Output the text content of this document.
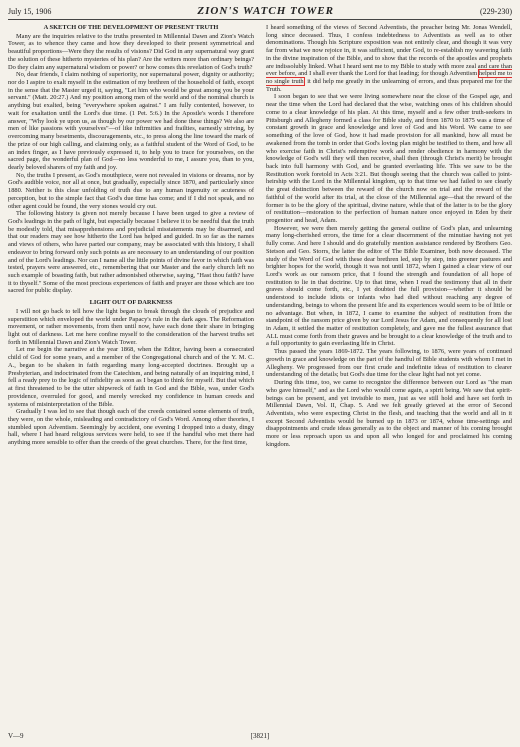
July 15, 1906	ZION'S WATCH TOWER	(229-230)
A SKETCH OF THE DEVELOPMENT OF PRESENT TRUTH

Many are the inquiries relative to the truths presented in Millennial Dawn and Zion's Watch Tower, as to whence they came and how they developed to their present symmetrical and beautiful proportions—Were they the results of visions? Did God in any supernatural way grant the solution of these hitherto mysteries of his plan? Are the writers more than ordinary beings? Do they claim any supernatural wisdom or power? or how comes this revelation of God's truth?

No, dear friends, I claim nothing of superiority, nor supernatural power, dignity or authority; nor do I aspire to exalt myself in the estimation of my brethren of the household of faith, except in the sense that the Master urged it, saying, "Let him who would be great among you be your servant." (Matt. 20:27.) And my position among men of the world and of the nominal church is anything but exalted, being "everywhere spoken against." I am fully contented, however, to wait for exaltation until the Lord's due time. (1 Pet. 5:6.) In the Apostle's words I therefore answer, "Why look ye upon us, as though by our power we had done these things? We also are men of like passions with yourselves"—of like infirmities and frailties, earnestly striving, by overcoming many besetments, discouragements, etc., to press along the line toward the mark of the prize of our high calling, and claiming only, as a faithful student of the Word of God, to be an index finger, as I have previously expressed it, to help you to trace for yourselves, on the sacred page, the wonderful plan of God—no less wonderful to me, I assure you, than to you, dearly beloved sharers of my faith and joy.

No, the truths I present, as God's mouthpiece, were not revealed in visions or dreams, nor by God's audible voice, nor all at once, but gradually, especially since 1870, and particularly since 1880. Neither is this clear unfolding of truth due to any human ingenuity or acuteness of perception, but to the simple fact that God's due time has come; and if I did not speak, and no other agent could be found, the very stones would cry out.

The following history is given not merely because I have been urged to give a review of God's leadings in the path of light, but especially because I believe it to be needful that the truth be modestly told, that misapprehensions and prejudicial misstatements may be disarmed, and that our readers may see how hitherto the Lord has helped and guided. In so far as the names and views of others, who have parted our company, may be associated with this history, I shall endeavor to bring forward only such points as are necessary to an understanding of our position and of the Lord's leadings. Nor can I name all the little points of divine favor in which faith was tested, prayers were answered, etc., remembering that our Master and the early church left no such example of boasting faith, but rather admonished otherwise, saying, "Hast thou faith? have it to thyself." Some of the most precious experiences of faith and prayer are those which are too sacred for public display.

LIGHT OUT OF DARKNESS

I will not go back to tell how the light began to break through the clouds of prejudice and superstition which enveloped the world under Papacy's rule in the dark ages. The Reformation movement, or rather movements, from then until now, have each done their share in bringing light out of darkness. Let me here confine myself to the consideration of the harvest truths set forth in Millennial Dawn and Zion's Watch Tower.

Let me begin the narrative at the year 1868, when the Editor, having been a consecrated child of God for some years, and a member of the Congregational church and of the Y. M. C. A., began to be shaken in faith regarding many long-accepted doctrines. Brought up a Presbyterian, and indoctrinated from the Catechism, and being naturally of an inquiring mind, I fell a ready prey to the logic of infidelity as soon as I began to think for myself. But that which at first threatened to be the utter shipwreck of faith in God and the Bible, was, under God's providence, overruled for good, and merely wrecked my confidence in human creeds and systems of misinterpretation of the Bible.

Gradually I was led to see that though each of the creeds contained some elements of truth, they were, on the whole, misleading and contradictory of God's Word. Among other theories, I stumbled upon Adventism. Seemingly by accident, one evening I dropped into a dusty, dingy hall, where I had heard religious services were held, to see if the handful who met there had anything more sensible to offer than the creeds of the great churches. There, for the first time,

I heard something of the views of Second Adventists, the preacher being Mr. Jonas Wendell, long since deceased. Thus, I confess indebtedness to Adventists as well as to other denominations. Though his Scripture exposition was not entirely clear, and though it was very far from what we now rejoice in, it was sufficient, under God, to re-establish my wavering faith in the divine inspiration of the Bible, and to show that the records of the apostles and prophets are indissolubly linked. What I heard sent me to my Bible to study with more zeal and care than ever before, and I shall ever thank the Lord for that leading; for though Adventism helped me to no single truth, it did help me greatly in the unlearning of errors, and thus prepared me for the Truth.

I soon began to see that we were living somewhere near the close of the Gospel age, and near the time when the Lord had declared that the wise, watching ones of his children should come to a clear knowledge of his plan. At this time, myself and a few other truth-seekers in Pittsburgh and Allegheny formed a class for Bible study, and from 1870 to 1875 was a time of constant growth in grace and knowledge and love of God and his Word. We came to see something of the love of God, how it had made provision for all mankind, how all must be awakened from the tomb in order that God's loving plan might be testified to them, and how all who exercise faith in Christ's redemptive work and render obedience in harmony with the knowledge of God's will they will then receive, shall then (through Christ's merit) be brought back into full harmony with God, and be granted everlasting life. This we saw to be the Restitution work foretold in Acts 3:21. But though seeing that the church was called to joint-heirship with the Lord in the Millennial kingdom, up to that time we had failed to see clearly the great distinction between the reward of the church now on trial and the reward of the faithful of the world after its trial, at the close of the Millennial age—that the reward of the former is to be the glory of the spiritual, divine nature, while that of the latter is to be the glory of restitution—restoration to the perfection of human nature once enjoyed in Eden by their progenitor and head, Adam.

However, we were then merely getting the general outline of God's plan, and unlearning many long-cherished errors, the time for a clear discernment of the minutiae having not yet fully come. And here I should and do gratefully mention assistance rendered by Brothers Geo. Stetson and Geo. Storrs, the latter the editor of The Bible Examiner, both now deceased. The study of the Word of God with these dear brethren led, step by step, into greener pastures and brighter hopes for the world, though it was not until 1872, when I gained a clear view of our Lord's work as our ransom price, that I found the strength and foundation of all hope of restitution to lie in that doctrine. Up to that time, when I read the testimony that all in their graves should come forth, etc., I yet doubted the full provision—whether it should be understood to include idiots or infants who had died without reaching any degree of understanding, beings to whom the present life and its experiences would seem to be of little or no advantage. But when, in 1872, I came to examine the subject of restitution from the standpoint of the ransom price given by our Lord Jesus for Adam, and consequently for all lost in Adam, it settled the matter of restitution completely, and gave me the fullest assurance that ALL must come forth from their graves and be brought to a clear knowledge of the truth and to a full opportunity to gain everlasting life in Christ.

Thus passed the years 1869-1872. The years following, to 1876, were years of continued growth in grace and knowledge on the part of the handful of Bible students with whom I met in Allegheny. We progressed from our first crude and indefinite ideas of restitution to clearer understanding of the details; but God's due time for the clear light had not yet come.

During this time, too, we came to recognize the difference between our Lord as "the man who gave himself," and as the Lord who would come again, a spirit being. We saw that spirit-beings can be present, and yet invisible to men, just as we still hold and have set forth in Millennial Dawn, Vol. II, Chap. 5. And we felt greatly grieved at the error of Second Adventists, who were expecting Christ in the flesh, and teaching that the world and all in it except Second Adventists would be burned up in 1873 or 1874, whose time-settings and disappointments and crude ideas generally as to the object and manner of his coming brought more or less reproach upon us and upon all who longed for and proclaimed his coming kingdom.

V—9	[3821]
